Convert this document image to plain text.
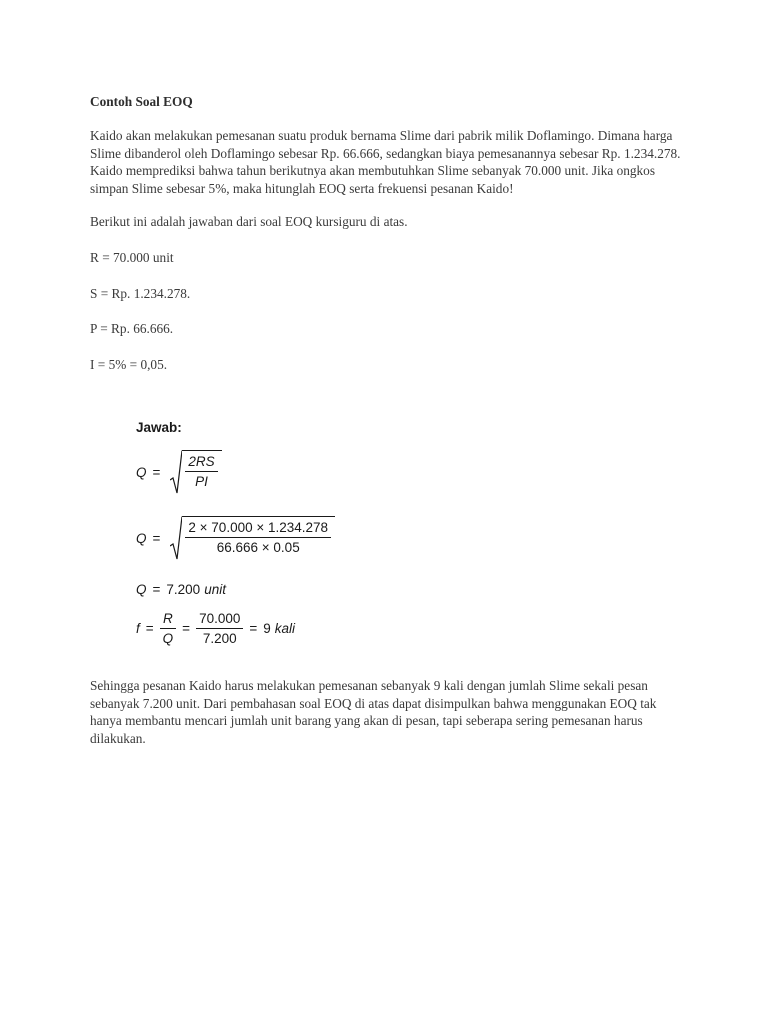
Contoh Soal EOQ

Kaido akan melakukan pemesanan suatu produk bernama Slime dari pabrik milik Doflamingo. Dimana harga Slime dibanderol oleh Doflamingo sebesar Rp. 66.666, sedangkan biaya pemesanannya sebesar Rp. 1.234.278. Kaido memprediksi bahwa tahun berikutnya akan membutuhkan Slime sebanyak 70.000 unit. Jika ongkos simpan Slime sebesar 5%, maka hitunglah EOQ serta frekuensi pesanan Kaido!

Berikut ini adalah jawaban dari soal EOQ kursiguru di atas.

R = 70.000 unit

S = Rp. 1.234.278.

P = Rp. 66.666.

I = 5% = 0,05.

Jawab:
$Q = \frac{2RS}{PI}$
$Q = \frac{2 \times 70.000 \times 1.234.278}{66.666 \times 0.05}$
Q = 7.200 unit
$f = \frac{R}{Q} = \frac{70.000}{7.200} = 9$ kali

Sehingga pesanan Kaido harus melakukan pemesanan sebanyak 9 kali dengan jumlah Slime sekali pesan sebanyak 7.200 unit. Dari pembahasan soal EOQ di atas dapat disimpulkan bahwa menggunakan EOQ tak hanya membantu mencari jumlah unit barang yang akan di pesan, tapi seberapa sering pemesanan harus dilakukan.
